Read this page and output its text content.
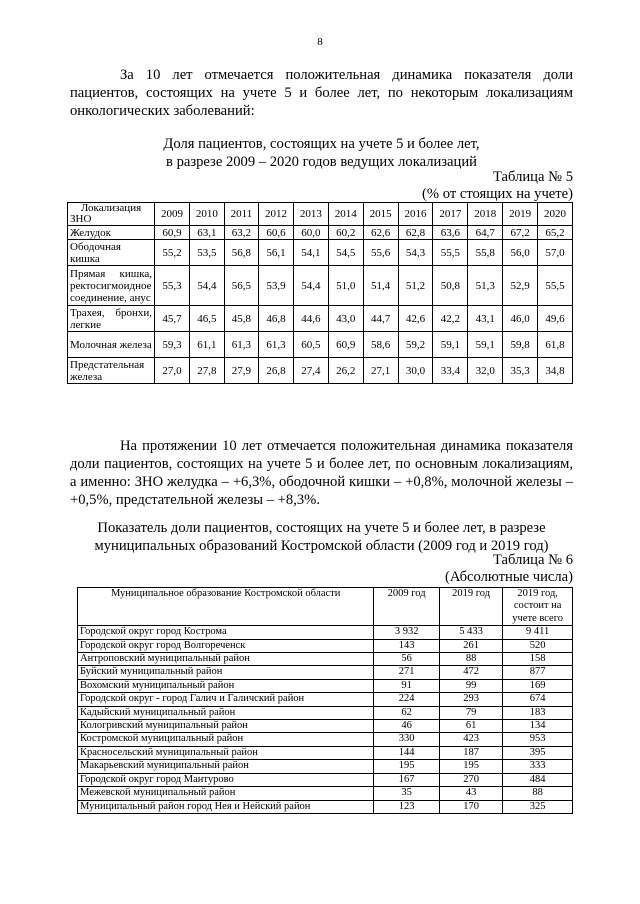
8
За 10 лет отмечается положительная динамика показателя доли пациентов, состоящих на учете 5 и более лет, по некоторым локализациям онкологических заболеваний:
Доля пациентов, состоящих на учете 5 и более лет,
в разрезе 2009 – 2020 годов ведущих локализаций
Таблица № 5
(% от стоящих на учете)
Локализация ЗНО	2009	2010	2011	2012	2013	2014	2015	2016	2017	2018	2019	2020
Желудок	60,9	63,1	63,2	60,6	60,0	60,2	62,6	62,8	63,6	64,7	67,2	65,2
Ободочная кишка	55,2	53,5	56,8	56,1	54,1	54,5	55,6	54,3	55,5	55,8	56,0	57,0
Прямая кишка, ректосигмоидное соединение, анус	55,3	54,4	56,5	53,9	54,4	51,0	51,4	51,2	50,8	51,3	52,9	55,5
Трахея, бронхи, легкие	45,7	46,5	45,8	46,8	44,6	43,0	44,7	42,6	42,2	43,1	46,0	49,6
Молочная железа	59,3	61,1	61,3	61,3	60,5	60,9	58,6	59,2	59,1	59,1	59,8	61,8
Предстательная железа	27,0	27,8	27,9	26,8	27,4	26,2	27,1	30,0	33,4	32,0	35,3	34,8
На протяжении 10 лет отмечается положительная динамика показателя доли пациентов, состоящих на учете 5 и более лет, по основным локализациям, а именно: ЗНО желудка – +6,3%, ободочной кишки – +0,8%, молочной железы – +0,5%, предстательной железы – +8,3%.
Показатель доли пациентов, состоящих на учете 5 и более лет, в разрезе
муниципальных образований Костромской области (2009 год и 2019 год)
Таблица № 6
(Абсолютные числа)
Муниципальное образование Костромской области	2009 год	2019 год	2019 год, состоит на учете всего
Городской округ город Кострома	3 932	5 433	9 411
Городской округ город Волгореченск	143	261	520
Антроповский муниципальный район	56	88	158
Буйский муниципальный район	271	472	877
Вохомский муниципальный район	91	99	169
Городской округ - город Галич и Галичский район	224	293	674
Кадыйский муниципальный район	62	79	183
Кологривский муниципальный район	46	61	134
Костромской муниципальный район	330	423	953
Красносельский муниципальный район	144	187	395
Макарьевский муниципальный район	195	195	333
Городской округ город Мантурово	167	270	484
Межевской муниципальный район	35	43	88
Муниципальный район город Нея и Нейский район	123	170	325
